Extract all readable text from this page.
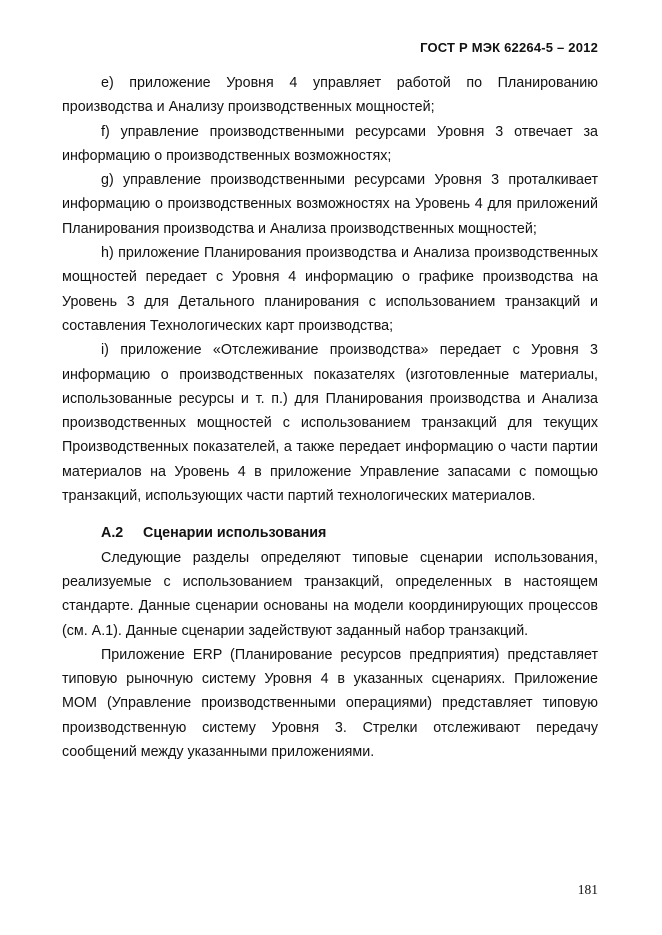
ГОСТ Р МЭК 62264-5 – 2012

e) приложение Уровня 4 управляет работой по Планированию производства и Анализу производственных мощностей;

f) управление производственными ресурсами Уровня 3 отвечает за информацию о производственных возможностях;

g) управление производственными ресурсами Уровня 3 проталкивает информацию о производственных возможностях на Уровень 4 для приложений Планирования производства и Анализа производственных мощностей;

h) приложение Планирования производства и Анализа производственных мощностей передает с Уровня 4 информацию о графике производства на Уровень 3 для Детального планирования с использованием транзакций и составления Технологических карт производства;

i) приложение «Отслеживание производства» передает с Уровня 3 информацию о производственных показателях (изготовленные материалы, использованные ресурсы и т. п.) для Планирования производства и Анализа производственных мощностей с использованием транзакций для текущих Производственных показателей, а также передает информацию о части партии материалов на Уровень 4 в приложение Управление запасами с помощью транзакций, использующих части партий технологических материалов.

А.2 Сценарии использования

Следующие разделы определяют типовые сценарии использования, реализуемые с использованием транзакций, определенных в настоящем стандарте. Данные сценарии основаны на модели координирующих процессов (см. А.1). Данные сценарии задействуют заданный набор транзакций.

Приложение ERP (Планирование ресурсов предприятия) представляет типовую рыночную систему Уровня 4 в указанных сценариях. Приложение МОМ (Управление производственными операциями) представляет типовую производственную систему Уровня 3. Стрелки отслеживают передачу сообщений между указанными приложениями.

181
